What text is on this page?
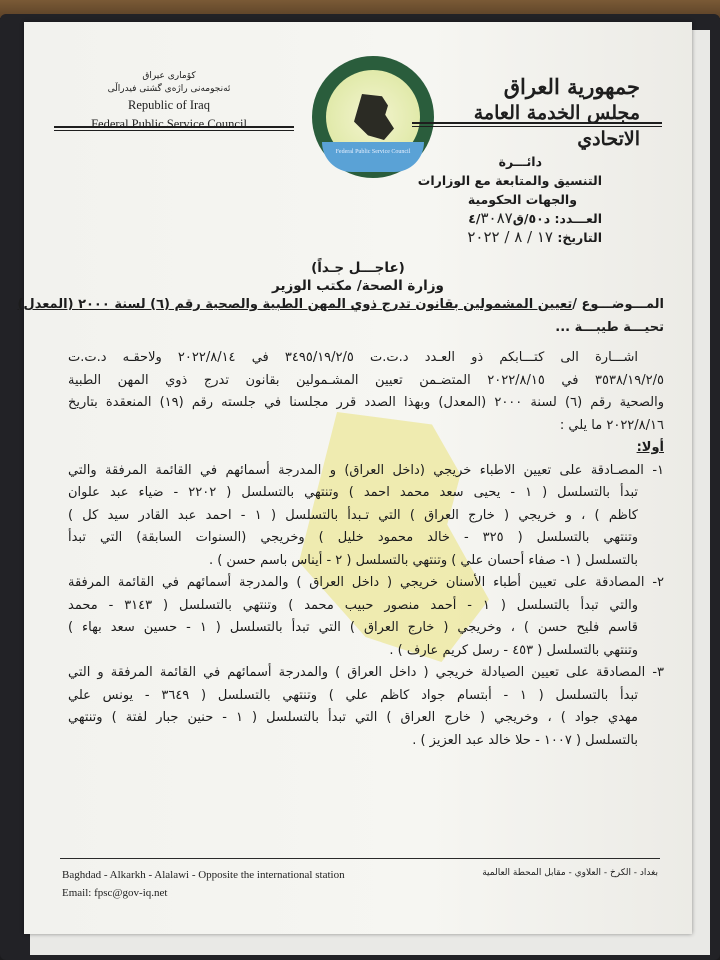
كۆمارى عيراق
ئەنجومەنى راژەى گشتى فیدراڵى
Republic of Iraq
Federal Public Service Council
Federal Public Service Council
جمهورية العراق
مجلس الخدمة العامة الاتحادي
دائـــرة
التنسيق والمتابعة مع الوزارات
والجهات الحكومية
العـــدد: د٥٠/ق٤/٣٠٨٧
التاريخ: ١٧ / ٨ / ٢٠٢٢
(عاجـــل جـداً)
وزارة الصحة/ مكتب الوزير
المـــوضـــوع /تعيين المشمولين بقانون تدرج ذوي المهن الطبية والصحية رقم (٦) لسنة ٢٠٠٠ (المعدل)
تحيـــة طيبـــة ...
اشـــارة الى كتـــابكم ذو العـدد د.ت.ت ٣٤٩٥/١٩/٢/٥ في ٢٠٢٢/٨/١٤ ولاحقـه د.ت.ت
٣٥٣٨/١٩/٢/٥ في ٢٠٢٢/٨/١٥ المتضـمن تعيين المشـمولين بقانون تدرج ذوي المهن الطبية
والصحية رقم (٦) لسنة ٢٠٠٠ (المعدل) وبهذا الصدد قرر مجلسنا في جلسته رقم (١٩) المنعقدة بتاريخ
٢٠٢٢/٨/١٦ ما يلي :
أولا:
١- المصـادقة على تعيين الاطباء خريجي (داخل العراق) و المدرجة أسمائهم في القائمة المرفقة والتي
تبدأ بالتسلسل ( ١ - يحيى سعد محمد احمد ) وتنتهي بالتسلسل ( ٢٢٠٢ - ضياء عبد علوان
كاظم ) ، و خريجي ( خارج العراق ) التي تـبدأ بالتسلسل ( ١ - احمد عبد القادر سيد كل )
وتنتهي بالتسلسل ( ٣٢٥ - خالد محمود خليل ) وخريجي (السنوات السابقة) التي تبدأ
بالتسلسل ( ١- صفاء أحسان علي ) وتنتهي بالتسلسل ( ٢ - أيناس باسم حسن ) .
٢- المصادقة على تعيين أطباء الأسنان خريجي ( داخل العراق ) والمدرجة أسمائهم في القائمة المرفقة
والتي تبدأ بالتسلسل ( ١ - أحمد منصور حبيب محمد ) وتنتهي بالتسلسل ( ٣١٤٣ - محمد
قاسم فليح حسن ) ، وخريجي ( خارج العراق ) التي تبدأ بالتسلسل ( ١ - حسين سعد بهاء )
وتنتهي بالتسلسل ( ٤٥٣ - رسل كريم عارف ) .
٣- المصادقة على تعيين الصيادلة خريجي ( داخل العراق ) والمدرجة أسمائهم في القائمة المرفقة و التي
تبدأ بالتسلسل ( ١ - أبتسام جواد كاظم علي ) وتنتهي بالتسلسل ( ٣٦٤٩ - يونس علي
مهدي جواد ) ، وخريجي ( خارج العراق ) التي تبدأ بالتسلسل ( ١ - حنين جبار لفتة ) وتنتهي
بالتسلسل ( ١٠٠٧ - حلا خالد عبد العزيز ) .
Baghdad - Alkarkh - Alalawi - Opposite the international station
Email: fpsc@gov-iq.net
بغداد - الكرخ - العلاوي - مقابل المحطة العالمية
